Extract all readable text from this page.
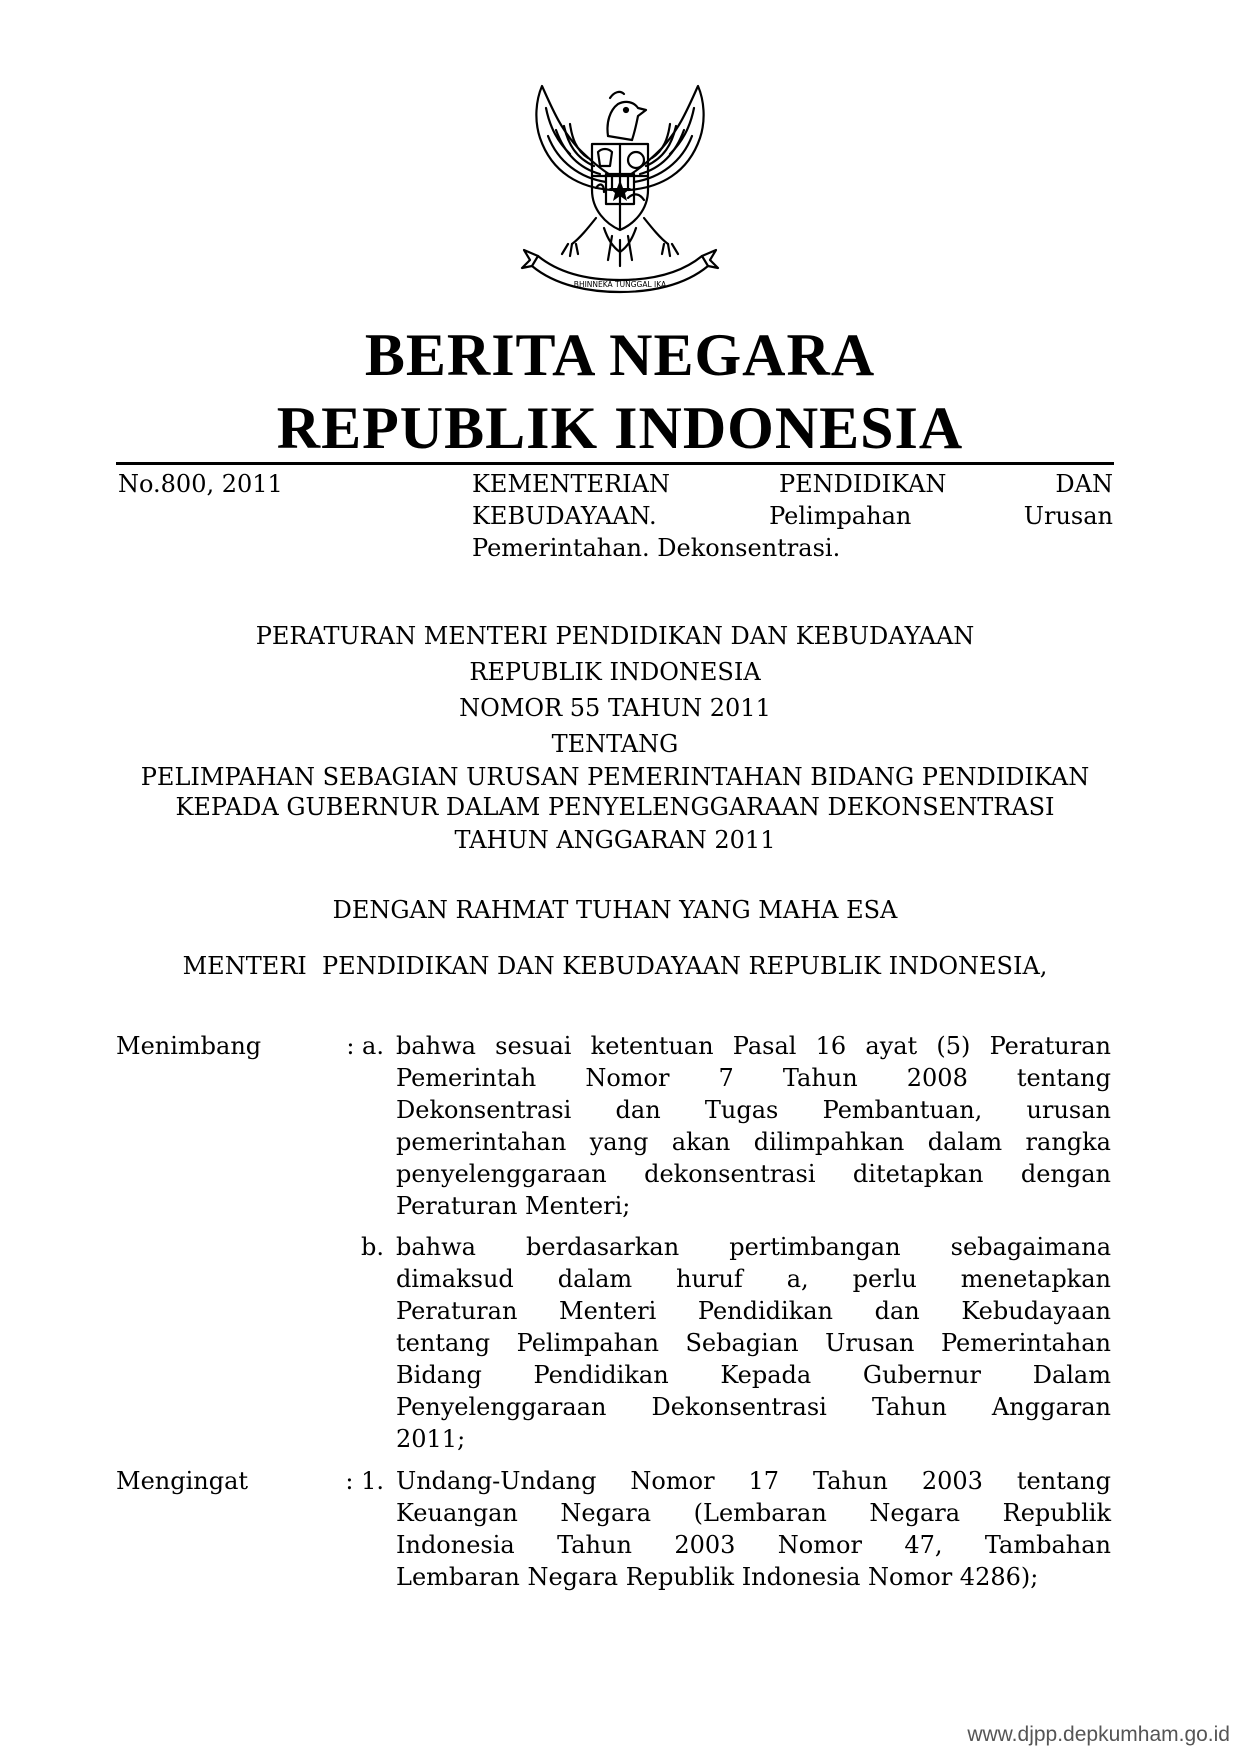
BHINNEKA TUNGGAL IKA
BERITA NEGARA
REPUBLIK INDONESIA
No.800, 2011	KEMENTERIAN PENDIDIKAN DAN
KEBUDAYAAN. Pelimpahan Urusan
Pemerintahan. Dekonsentrasi.
PERATURAN MENTERI PENDIDIKAN DAN KEBUDAYAAN
REPUBLIK INDONESIA
NOMOR 55 TAHUN 2011
TENTANG
PELIMPAHAN SEBAGIAN URUSAN PEMERINTAHAN BIDANG PENDIDIKAN
KEPADA GUBERNUR DALAM PENYELENGGARAAN DEKONSENTRASI
TAHUN ANGGARAN 2011
DENGAN RAHMAT TUHAN YANG MAHA ESA
MENTERI  PENDIDIKAN DAN KEBUDAYAAN REPUBLIK INDONESIA,
Menimbang	: a. bahwa sesuai ketentuan Pasal 16 ayat (5) Peraturan
Pemerintah Nomor 7 Tahun 2008 tentang
Dekonsentrasi dan Tugas Pembantuan, urusan
pemerintahan yang akan dilimpahkan dalam rangka
penyelenggaraan dekonsentrasi ditetapkan dengan
Peraturan Menteri;
b. bahwa berdasarkan pertimbangan sebagaimana
dimaksud dalam huruf a, perlu menetapkan
Peraturan Menteri Pendidikan dan Kebudayaan
tentang Pelimpahan Sebagian Urusan Pemerintahan
Bidang Pendidikan Kepada Gubernur Dalam
Penyelenggaraan Dekonsentrasi Tahun Anggaran
2011;
Mengingat	: 1. Undang-Undang Nomor 17 Tahun 2003 tentang
Keuangan Negara (Lembaran Negara Republik
Indonesia Tahun 2003 Nomor 47, Tambahan
Lembaran Negara Republik Indonesia Nomor 4286);
www.djpp.depkumham.go.id
